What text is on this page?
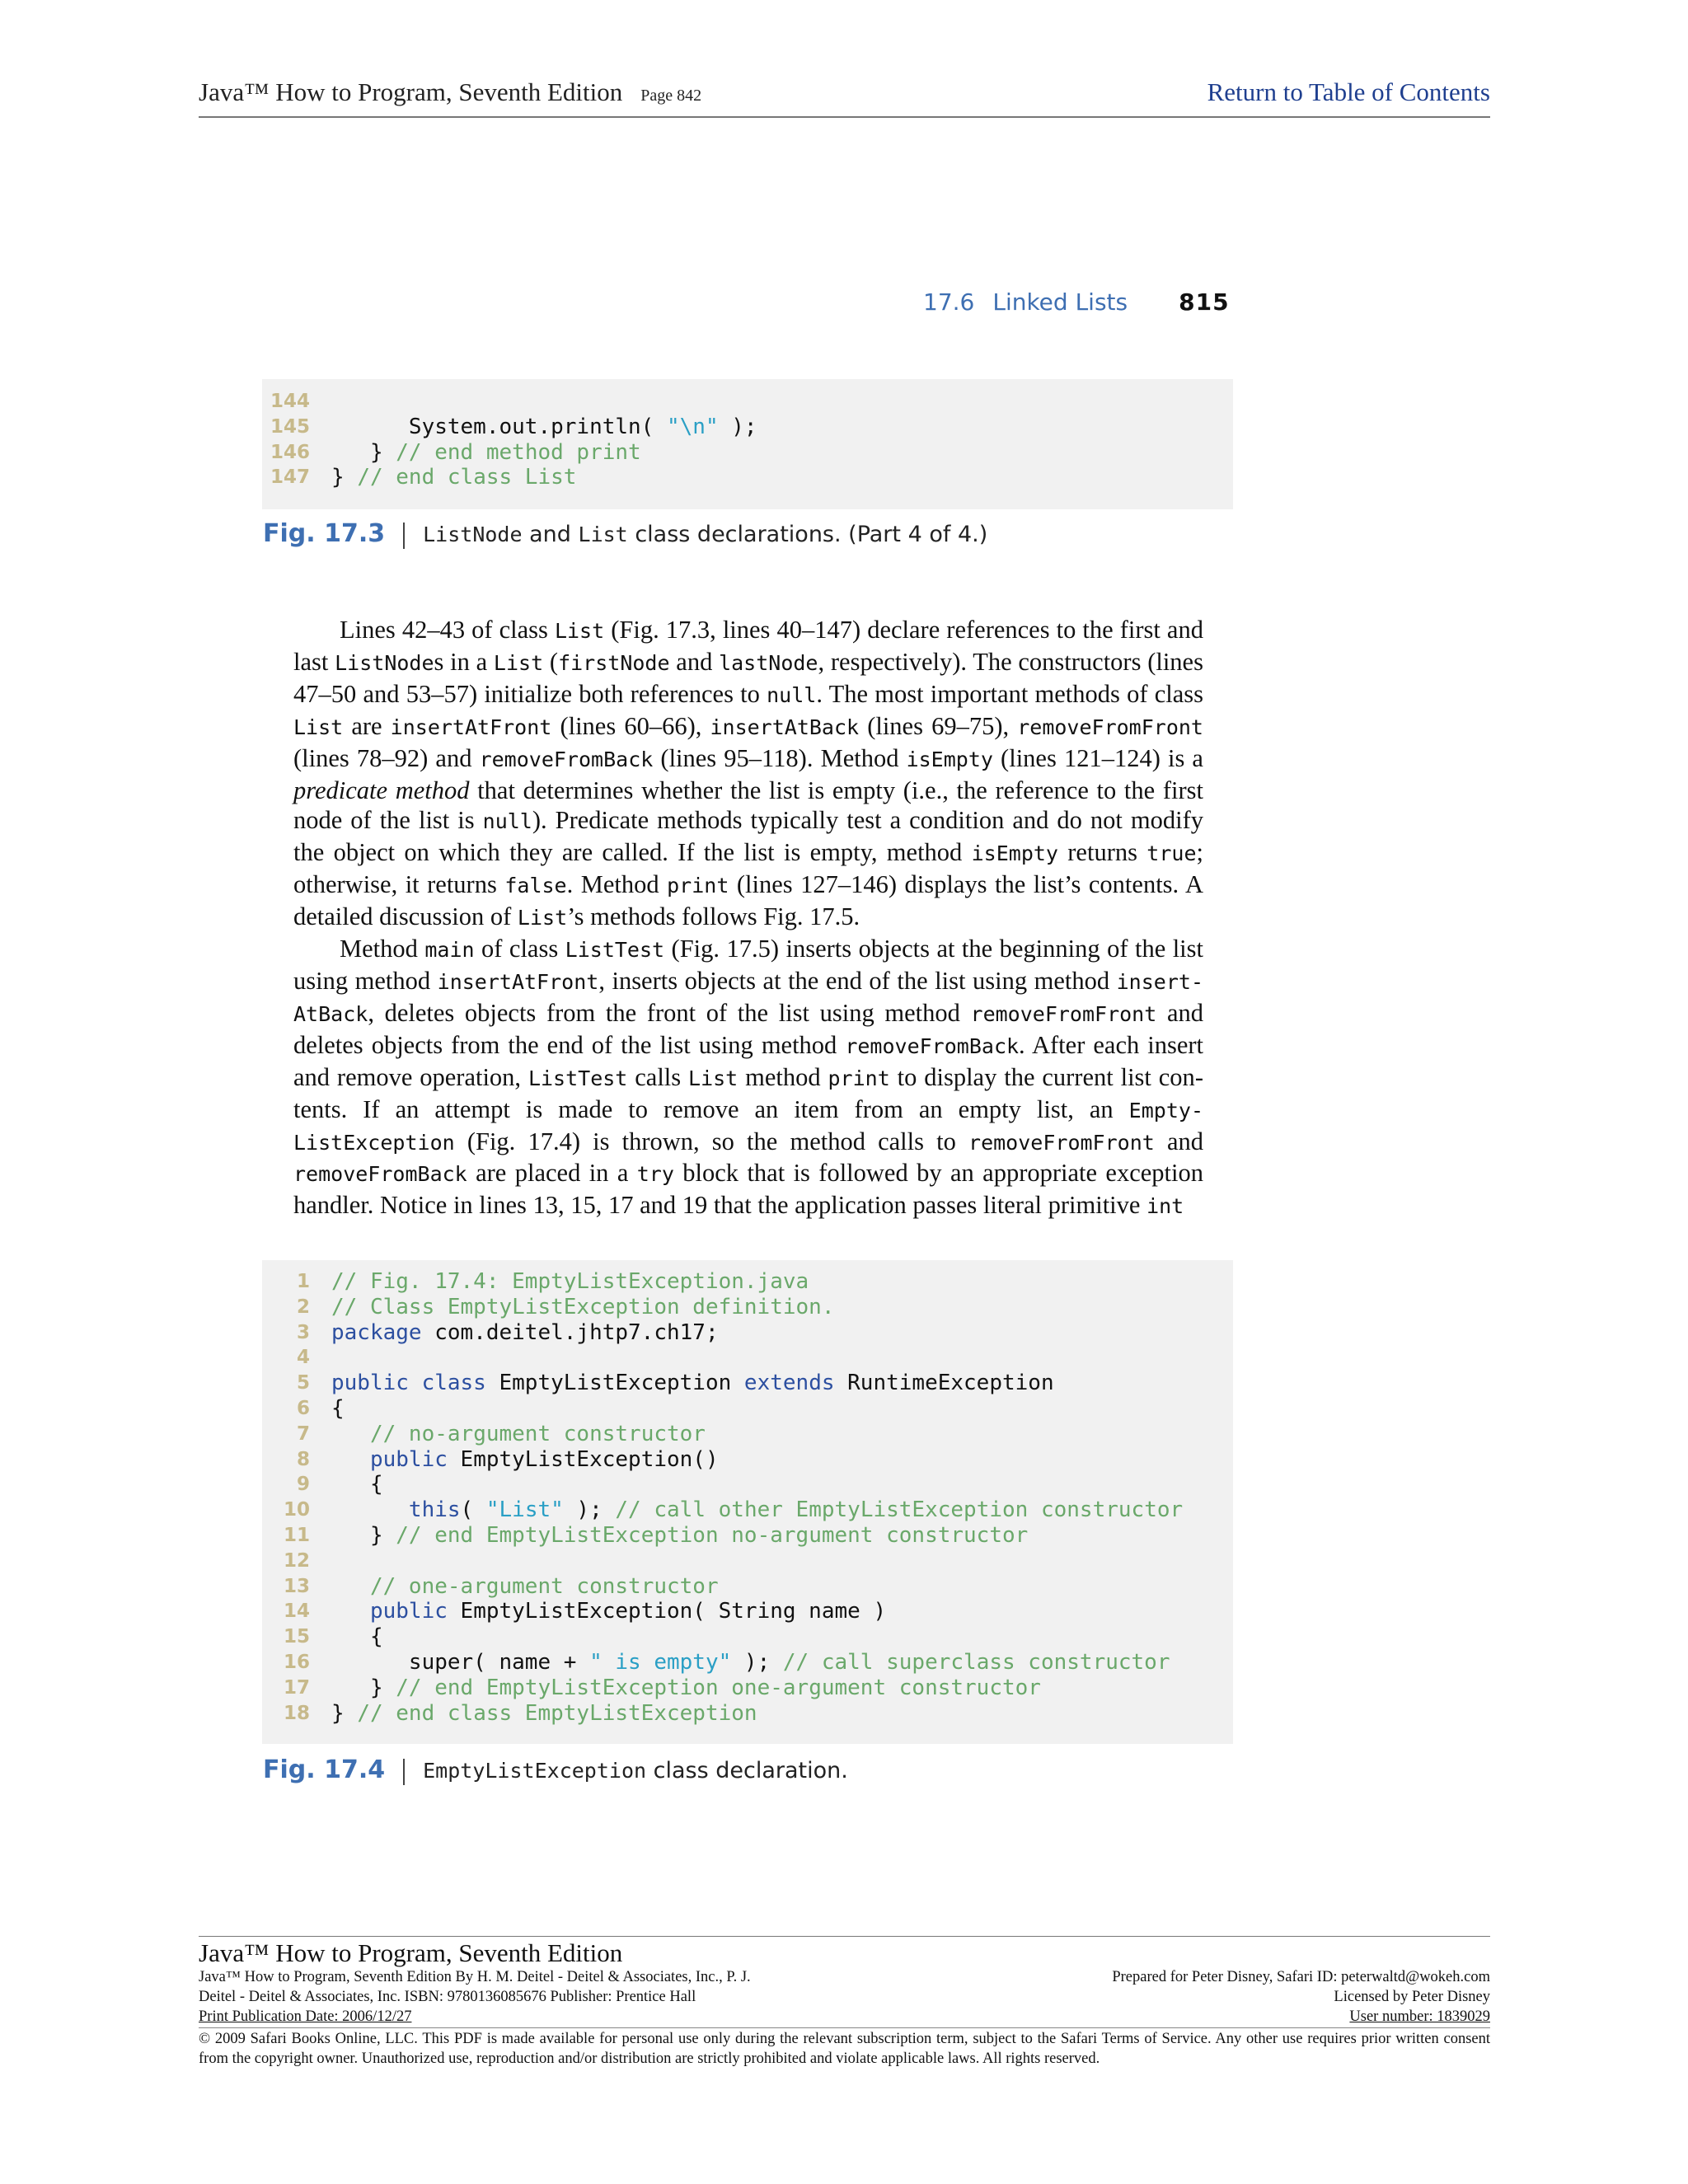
Java™ How to Program, Seventh Edition Page 842	Return to Table of Contents
17.6 Linked Lists 815
144
145 System.out.println( "\n" );
146 } // end method print
147 } // end class List
Fig. 17.3 ListNode and List class declarations. (Part 4 of 4.)

Lines 42–43 of class List (Fig. 17.3, lines 40–147) declare references to the first and last ListNodes in a List (firstNode and lastNode, respectively). The constructors (lines 47–50 and 53–57) initialize both references to null. The most important methods of class List are insertAtFront (lines 60–66), insertAtBack (lines 69–75), removeFromFront (lines 78–92) and removeFromBack (lines 95–118). Method isEmpty (lines 121–124) is a predicate method that determines whether the list is empty (i.e., the reference to the first node of the list is null). Predicate methods typically test a condition and do not modify the object on which they are called. If the list is empty, method isEmpty returns true; otherwise, it returns false. Method print (lines 127–146) displays the list’s contents. A detailed discussion of List’s methods follows Fig. 17.5.

Method main of class ListTest (Fig. 17.5) inserts objects at the beginning of the list using method insertAtFront, inserts objects at the end of the list using method insertAtBack, deletes objects from the front of the list using method removeFromFront and deletes objects from the end of the list using method removeFromBack. After each insert and remove operation, ListTest calls List method print to display the current list contents. If an attempt is made to remove an item from an empty list, an EmptyListException (Fig. 17.4) is thrown, so the method calls to removeFromFront and removeFromBack are placed in a try block that is followed by an appropriate exception handler. Notice in lines 13, 15, 17 and 19 that the application passes literal primitive int

1 // Fig. 17.4: EmptyListException.java
2 // Class EmptyListException definition.
3 package com.deitel.jhtp7.ch17;
4
5 public class EmptyListException extends RuntimeException
6 {
7	// no-argument constructor
8	public EmptyListException()
9 {
10	this( "List" ); // call other EmptyListException constructor
11 } // end EmptyListException no-argument constructor
12
13	// one-argument constructor
14	public EmptyListException( String name )
15 {
16 super( name + " is empty" ); // call superclass constructor
17 } // end EmptyListException one-argument constructor
18 } // end class EmptyListException
Fig. 17.4 EmptyListException class declaration.
Java™ How to Program, Seventh Edition
Java™ How to Program, Seventh Edition By H. M. Deitel - Deitel & Associates, Inc., P. J.
Deitel - Deitel & Associates, Inc. ISBN: 9780136085676 Publisher: Prentice Hall
Print Publication Date: 2006/12/27
Prepared for Peter Disney, Safari ID: peterwaltd@wokeh.com
Licensed by Peter Disney
User number: 1839029
© 2009 Safari Books Online, LLC. This PDF is made available for personal use only during the relevant subscription term, subject to the Safari Terms of Service. Any other use requires prior written consent from the copyright owner. Unauthorized use, reproduction and/or distribution are strictly prohibited and violate applicable laws. All rights reserved.
